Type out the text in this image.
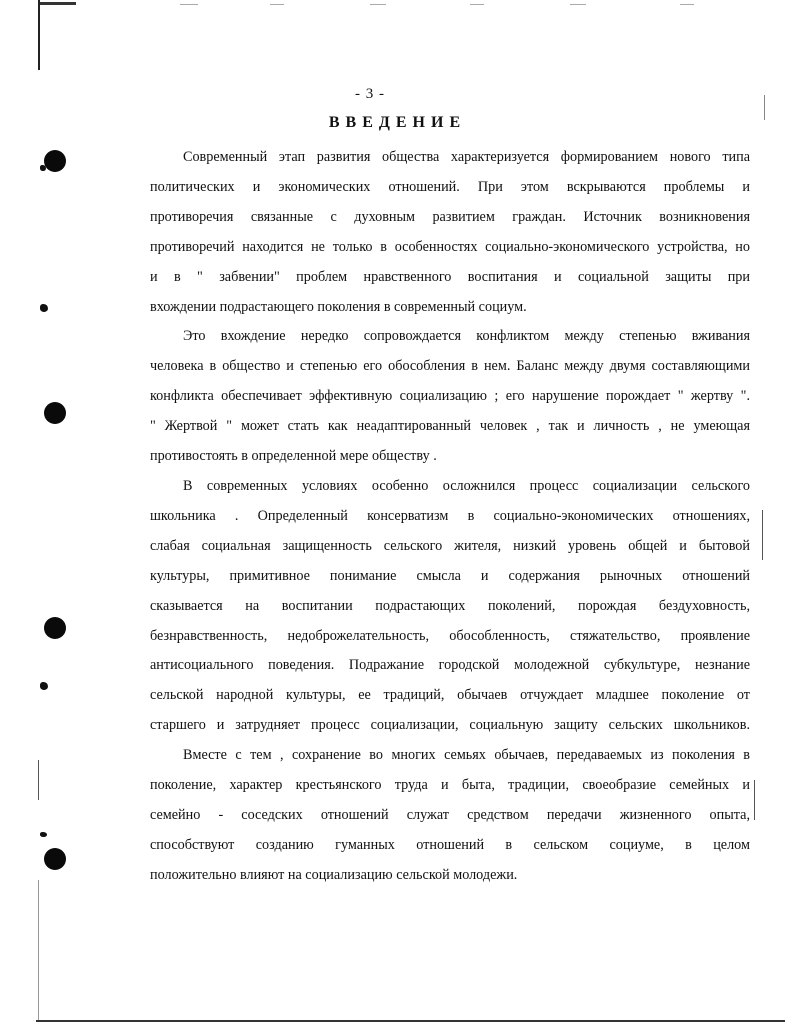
- 3 -
ВВЕДЕНИЕ
Современный этап развития общества характеризуется формированием нового типа
политических и экономических отношений. При этом вскрываются проблемы и
противоречия связанные с духовным развитием граждан. Источник возникновения
противоречий находится не только в особенностях социально-экономического устройства, но
и в " забвении" проблем нравственного воспитания и социальной защиты при
вхождении подрастающего поколения в современный социум.
Это вхождение нередко сопровождается конфликтом между степенью вживания
человека в общество и степенью его обособления в нем. Баланс между двумя составляющими
конфликта обеспечивает эффективную социализацию ; его нарушение порождает " жертву ".
" Жертвой " может стать как неадаптированный человек , так и личность , не умеющая
противостоять в определенной мере обществу .
В современных условиях особенно осложнился процесс социализации сельского
школьника . Определенный консерватизм в социально-экономических отношениях,
слабая социальная защищенность сельского жителя, низкий уровень общей и бытовой
культуры, примитивное понимание смысла и содержания рыночных отношений
сказывается на воспитании подрастающих поколений, порождая бездуховность,
безнравственность, недоброжелательность, обособленность, стяжательство, проявление
антисоциального поведения. Подражание городской молодежной субкультуре, незнание
сельской народной культуры, ее традиций, обычаев отчуждает младшее поколение от
старшего и затрудняет процесс социализации, социальную защиту сельских школьников.
Вместе с тем , сохранение во многих семьях обычаев, передаваемых из поколения в
поколение, характер крестьянского труда и быта, традиции, своеобразие семейных и
семейно - соседских отношений служат средством передачи жизненного опыта,
способствуют созданию гуманных отношений в сельском социуме, в целом
положительно влияют на социализацию сельской молодежи.
